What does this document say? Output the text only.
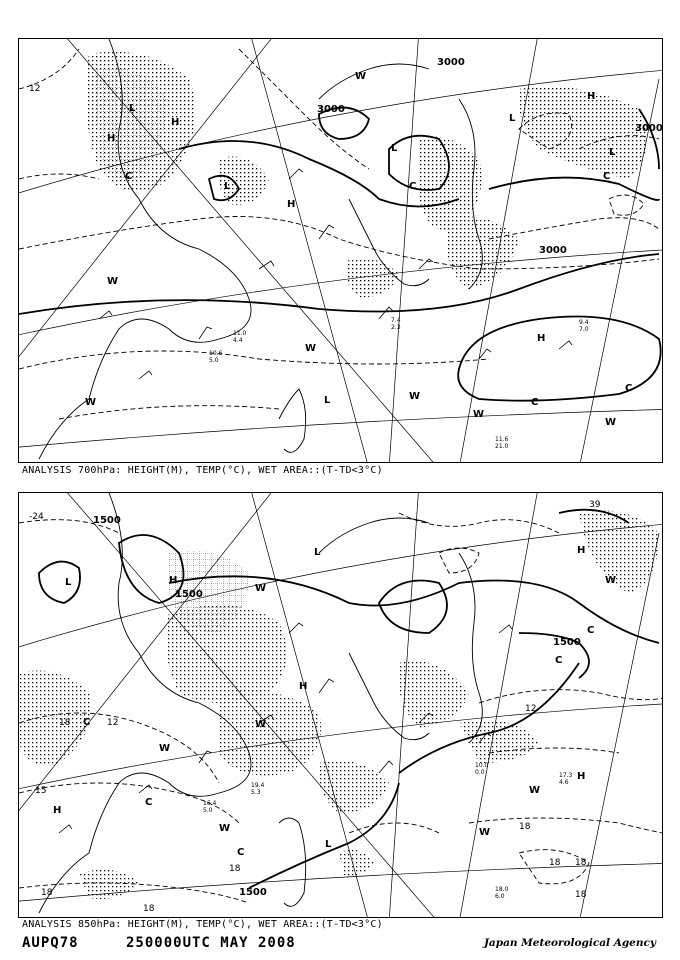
3000
3000
3000
3000
12
L
L
L
L
L
L
H
H
H
H
H
W
W
W
W
W
W
W
C
C
C
C
C
9.4
7.0
11.6
21.0
7.4
2.3
10.6
5.0
11.0
4.4
ANALYSIS 700hPa: HEIGHT(M), TEMP(°C), WET AREA::(T-TD<3°C)
1500
1500
1500
1500
-24
12
18
18
18
18
15
18
18
18
39
12
18
L
L
L
H
H
H
H
H
W
W
W
W
W
W
W
C
C
C
C
C
17.3
4.6
18.0
6.0
10.0
0.0
19.4
5.3
16.4
5.0
ANALYSIS 850hPa: HEIGHT(M), TEMP(°C), WET AREA::(T-TD<3°C)
AUPQ78	250000UTC MAY 2008	Japan Meteorological Agency
